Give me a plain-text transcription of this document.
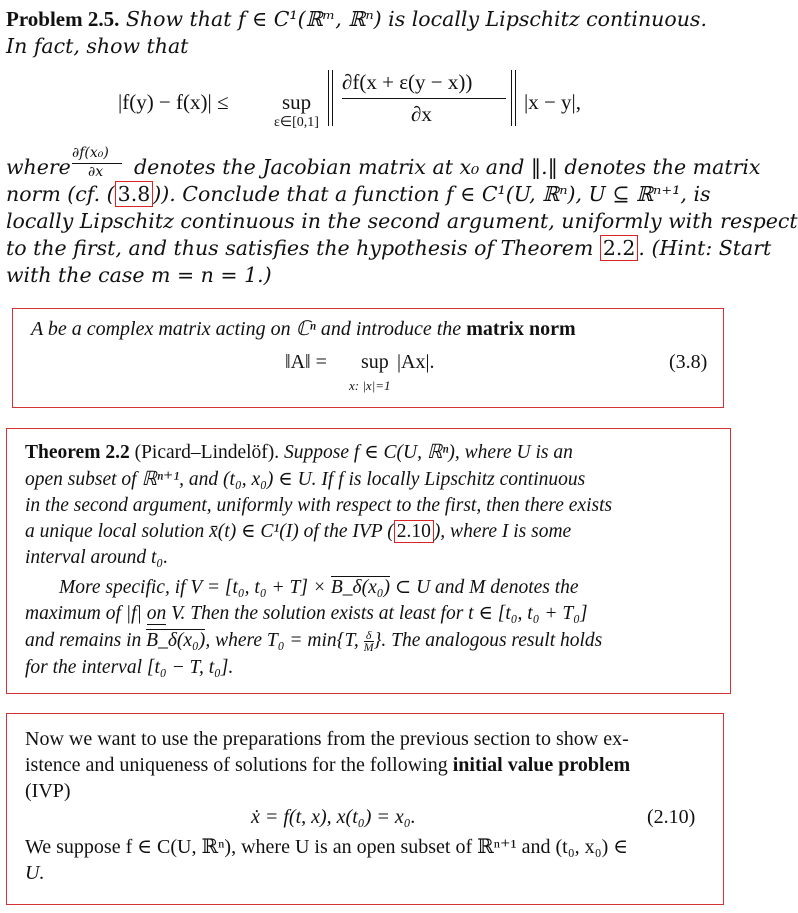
Problem 2.5. Show that f ∈ C¹(ℝᵐ, ℝⁿ) is locally Lipschitz continuous.
In fact, show that
|f(y) − f(x)| ≤	sup
ε∈[0,1]
∂f(x + ε(y − x))
∂x	|x − y|,
where
∂f(x₀)
∂x denotes the Jacobian matrix at x₀ and ‖.‖ denotes the matrix
norm (cf. ( 3.8 )). Conclude that a function f ∈ C¹(U, ℝⁿ), U ⊆ ℝⁿ⁺¹, is
locally Lipschitz continuous in the second argument, uniformly with respect
to the first, and thus satisfies the hypothesis of Theorem 2.2 . (Hint: Start
with the case m = n = 1.)
A be a complex matrix acting on ℂⁿ and introduce the matrix norm
‖A‖ = sup
x: |x|=1
|Ax|.	(3.8)
Theorem 2.2 (Picard–Lindelöf). Suppose f ∈ C(U, ℝⁿ), where U is an
open subset of ℝⁿ⁺¹, and (t₀, x₀) ∈ U. If f is locally Lipschitz continuous
in the second argument, uniformly with respect to the first, then there exists
a unique local solution x̄(t) ∈ C¹(I) of the IVP ( 2.10 ), where I is some
interval around t₀.
More specific, if V = [t₀, t₀ + T] × B_δ(x₀) ⊂ U and M denotes the
maximum of |f| on V. Then the solution exists at least for t ∈ [t₀, t₀ + T₀]
and remains in B_δ(x₀), where T₀ = min{T, $\frac{\delta}{M}$ }. The analogous result holds
for the interval [t₀ − T, t₀].
Now we want to use the preparations from the previous section to show ex-
istence and uniqueness of solutions for the following initial value problem
(IVP)
ẋ = f(t, x), x(t₀) = x₀.	(2.10)
We suppose f ∈ C(U, ℝⁿ), where U is an open subset of ℝⁿ⁺¹ and (t₀, x₀) ∈
U.
